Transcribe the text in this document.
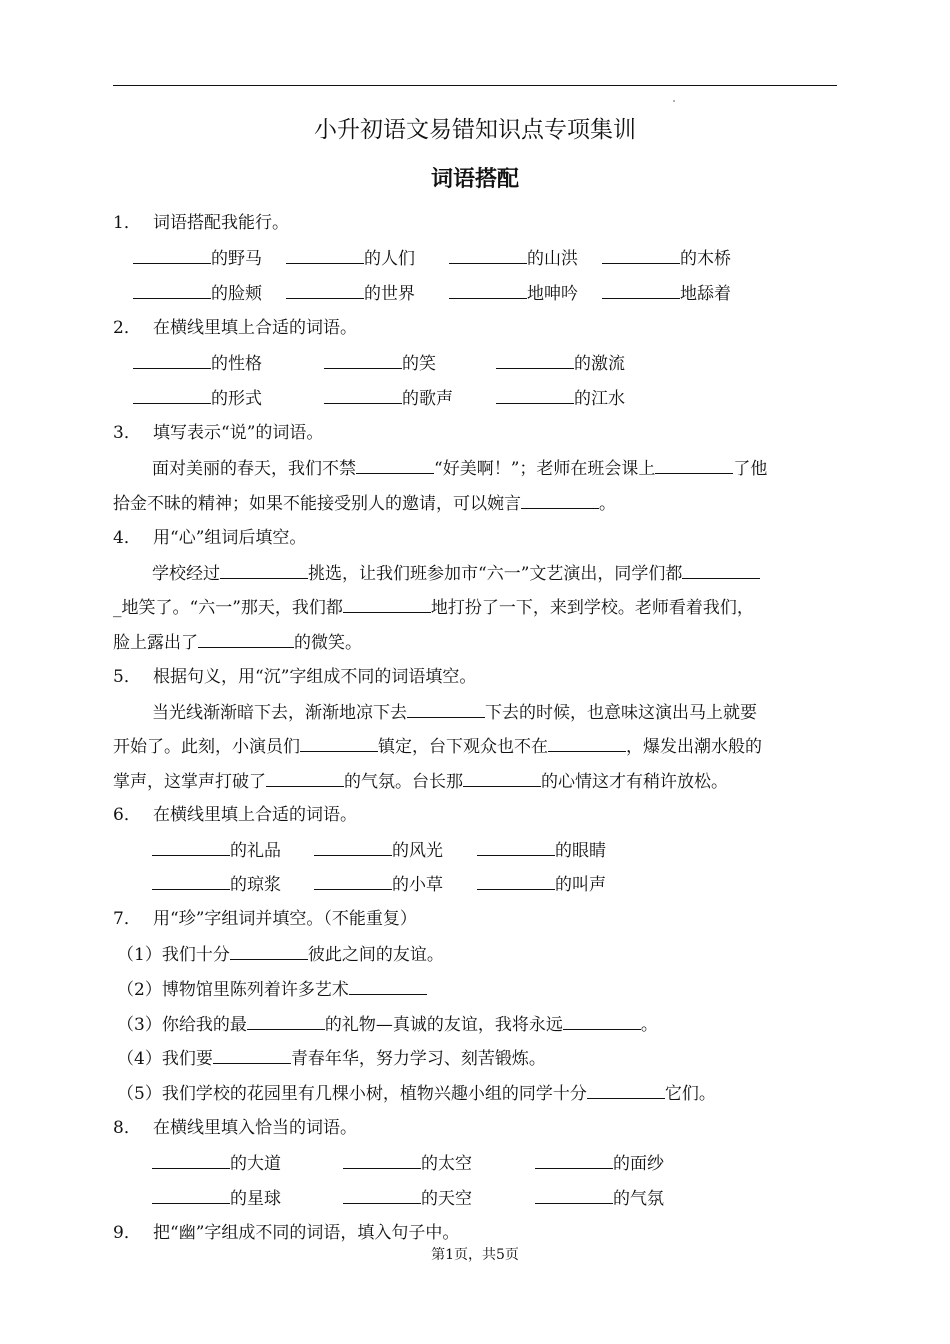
小升初语文易错知识点专项集训
词语搭配
1． 词语搭配我能行。
的野马	的人们	的山洪	的木桥
的脸颊	的世界	地呻吟	地舔着
2． 在横线里填上合适的词语。
的性格	的笑	的激流
的形式	的歌声	的江水
3． 填写表示“说”的词语。
面对美丽的春天，我们不禁	“好美啊！”；老师在班会课上	了他
拾金不昧的精神；如果不能接受别人的邀请，可以婉言	。
4． 用“心”组词后填空。
学校经过	挑选，让我们班参加市“六一”文艺演出，同学们都
_地笑了。“六一”那天，我们都	地打扮了一下，来到学校。老师看着我们，
脸上露出了	的微笑。
5． 根据句义，用“沉”字组成不同的词语填空。
当光线渐渐暗下去，渐渐地凉下去	下去的时候，也意味这演出马上就要
开始了。此刻，小演员们	镇定，台下观众也不在	，爆发出潮水般的
掌声，这掌声打破了	的气氛。台长那	的心情这才有稍许放松。
6． 在横线里填上合适的词语。
的礼品	的风光	的眼睛
的琼浆	的小草	的叫声
7． 用“珍”字组词并填空。（不能重复）
（1）我们十分	彼此之间的友谊。
（2）博物馆里陈列着许多艺术
（3）你给我的最	的礼物—真诚的友谊，我将永远	。
（4）我们要	青春年华，努力学习、刻苦锻炼。
（5）我们学校的花园里有几棵小树，植物兴趣小组的同学十分	它们。
8． 在横线里填入恰当的词语。
的大道	的太空	的面纱
的星球	的天空	的气氛
9． 把“幽”字组成不同的词语，填入句子中。
第1页，共5页
